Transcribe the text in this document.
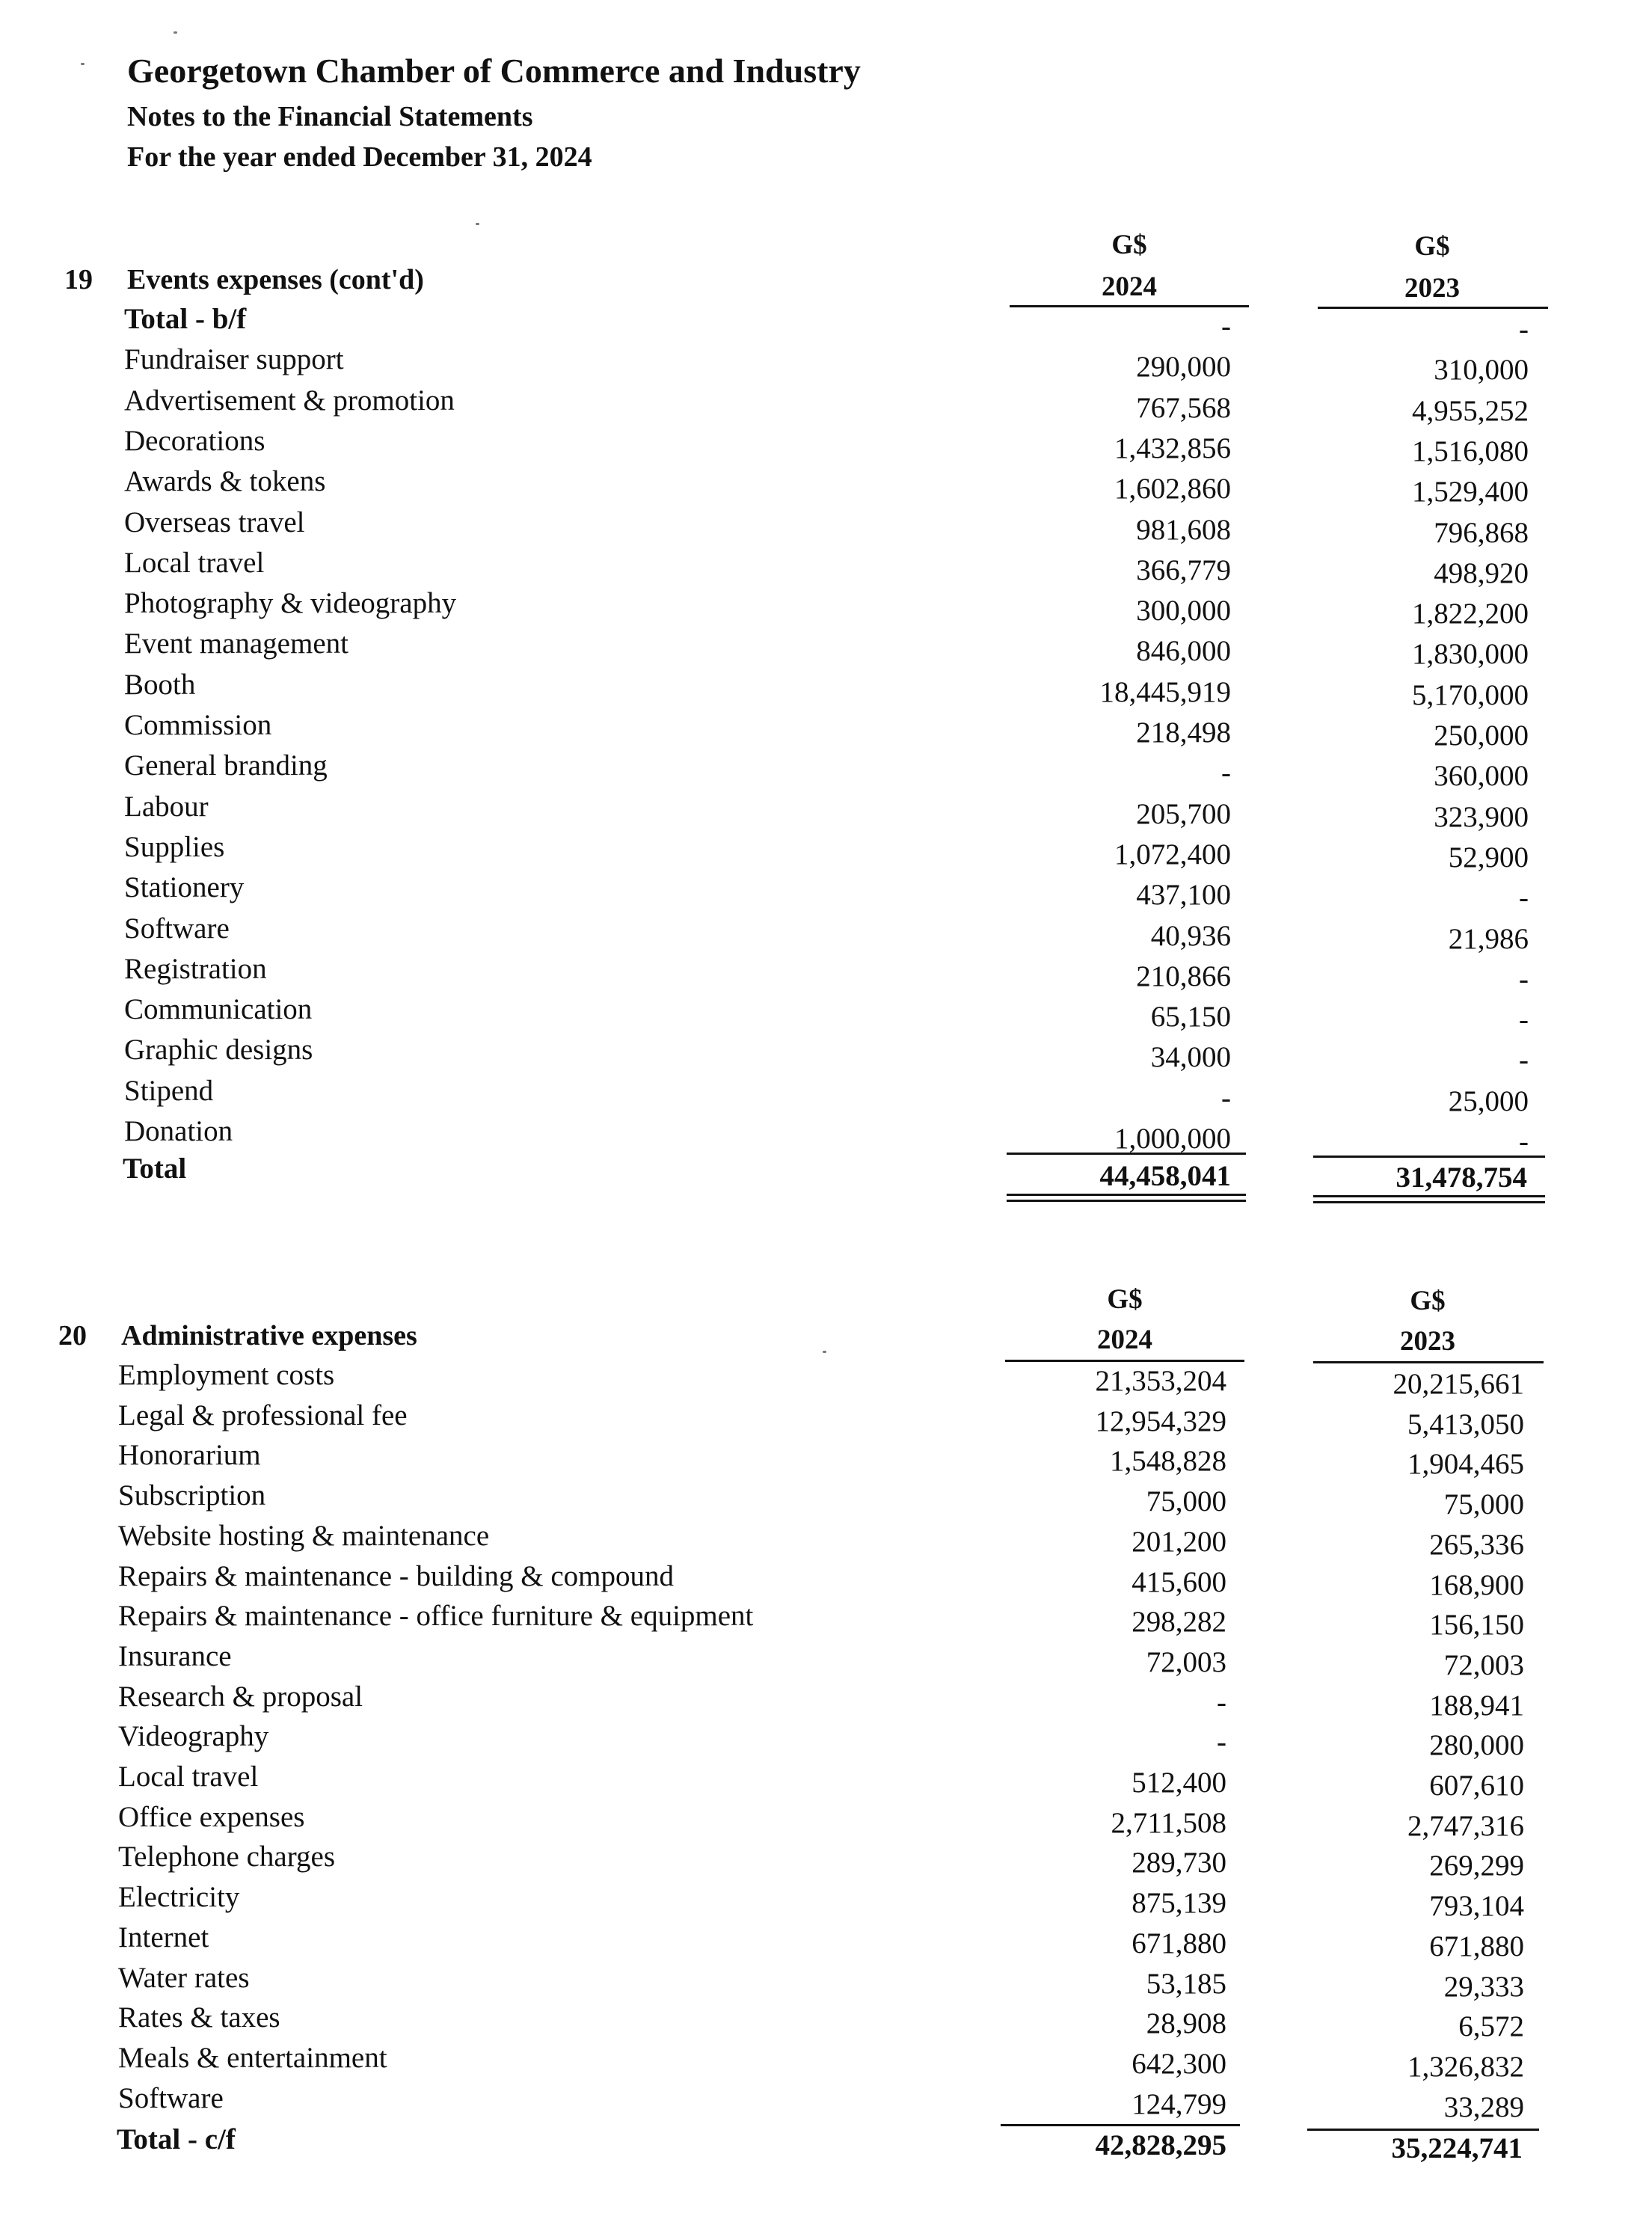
Georgetown Chamber of Commerce and Industry
Notes to the Financial Statements
For the year ended December 31, 2024
19 Events expenses (cont'd)
G$
2024
G$
2023
Total - b/f	-	-
Fundraiser support	290,000	310,000
Advertisement & promotion	767,568	4,955,252
Decorations	1,432,856	1,516,080
Awards & tokens	1,602,860	1,529,400
Overseas travel	981,608	796,868
Local travel	366,779	498,920
Photography & videography	300,000	1,822,200
Event management	846,000	1,830,000
Booth	18,445,919	5,170,000
Commission	218,498	250,000
General branding	-	360,000
Labour	205,700	323,900
Supplies	1,072,400	52,900
Stationery	437,100	-
Software	40,936	21,986
Registration	210,866	-
Communication	65,150	-
Graphic designs	34,000	-
Stipend	-	25,000
Donation	1,000,000	-
Total	44,458,041	31,478,754
20 Administrative expenses
G$
2024
G$
2023
Employment costs	21,353,204	20,215,661
Legal & professional fee	12,954,329	5,413,050
Honorarium	1,548,828	1,904,465
Subscription	75,000	75,000
Website hosting & maintenance	201,200	265,336
Repairs & maintenance - building & compound	415,600	168,900
Repairs & maintenance - office furniture & equipment	298,282	156,150
Insurance	72,003	72,003
Research & proposal	-	188,941
Videography	-	280,000
Local travel	512,400	607,610
Office expenses	2,711,508	2,747,316
Telephone charges	289,730	269,299
Electricity	875,139	793,104
Internet	671,880	671,880
Water rates	53,185	29,333
Rates & taxes	28,908	6,572
Meals & entertainment	642,300	1,326,832
Software	124,799	33,289
Total - c/f	42,828,295	35,224,741
